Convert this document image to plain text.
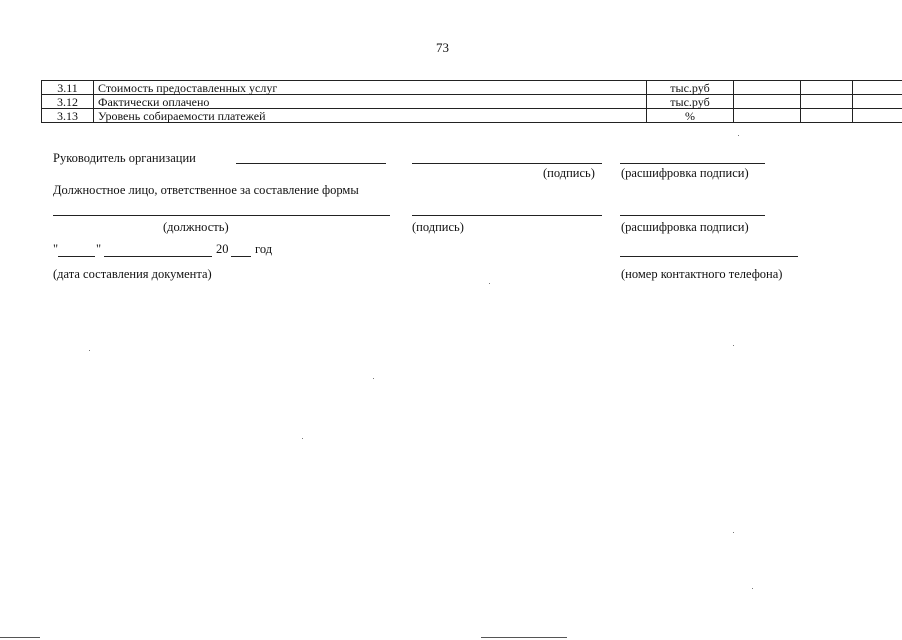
73
3.11	Стоимость предоставленных услуг	тыс.руб			
3.12	Фактически оплачено	тыс.руб			
3.13	Уровень собираемости платежей	%			
Руководитель организации
(подпись) (расшифровка подписи)
Должностное лицо, ответственное за составление формы
(должность)	(подпись)	(расшифровка подписи)
"	"	20 год
(дата составления документа)	(номер контактного телефона)
